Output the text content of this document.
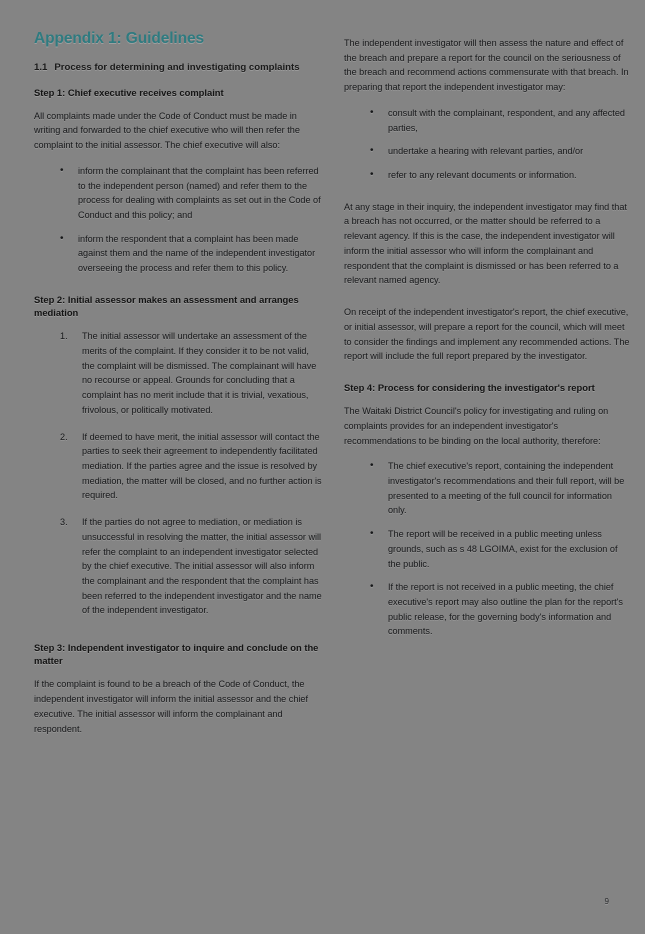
Appendix 1: Guidelines
1.1 Process for determining and investigating complaints
Step 1: Chief executive receives complaint

All complaints made under the Code of Conduct must be made in writing and forwarded to the chief executive who will then refer the complaint to the initial assessor. The chief executive will also:

• inform the complainant that the complaint has been referred to the independent person (named) and refer them to the process for dealing with complaints as set out in the Code of Conduct and this policy; and
• inform the respondent that a complaint has been made against them and the name of the independent investigator overseeing the process and refer them to this policy.
Step 2: Initial assessor makes an assessment and arranges mediation
The initial assessor will undertake an assessment of the merits of the complaint. If they consider it to be not valid, the complaint will be dismissed. The complainant will have no recourse or appeal. Grounds for concluding that a complaint has no merit include that it is trivial, vexatious, frivolous, or politically motivated.
If deemed to have merit, the initial assessor will contact the parties to seek their agreement to independently facilitated mediation. If the parties agree and the issue is resolved by mediation, the matter will be closed, and no further action is required.
If the parties do not agree to mediation, or mediation is unsuccessful in resolving the matter, the initial assessor will refer the complaint to an independent investigator selected by the chief executive. The initial assessor will also inform the complainant and the respondent that the complaint has been referred to the independent investigator and the name of the independent investigator.
Step 3: Independent investigator to inquire and conclude on the matter

If the complaint is found to be a breach of the Code of Conduct, the independent investigator will inform the initial assessor and the chief executive. The initial assessor will inform the complainant and respondent.

The independent investigator will then assess the nature and effect of the breach and prepare a report for the council on the seriousness of the breach and recommend actions commensurate with that breach. In preparing that report the independent investigator may:

• consult with the complainant, respondent, and any affected parties,
• undertake a hearing with relevant parties, and/or
• refer to any relevant documents or information.

At any stage in their inquiry, the independent investigator may find that a breach has not occurred, or the matter should be referred to a relevant agency. If this is the case, the independent investigator will inform the initial assessor who will inform the complainant and respondent that the complaint is dismissed or has been referred to a relevant named agency.

On receipt of the independent investigator's report, the chief executive, or initial assessor, will prepare a report for the council, which will meet to consider the findings and implement any recommended actions. The report will include the full report prepared by the investigator.

Step 4: Process for considering the investigator's report

The Waitaki District Council's policy for investigating and ruling on complaints provides for an independent investigator's recommendations to be binding on the local authority, therefore:

• The chief executive's report, containing the independent investigator's recommendations and their full report, will be presented to a meeting of the full council for information only.
• The report will be received in a public meeting unless grounds, such as s 48 LGOIMA, exist for the exclusion of the public.
• If the report is not received in a public meeting, the chief executive's report may also outline the plan for the report's public release, for the governing body's information and comments.
9
